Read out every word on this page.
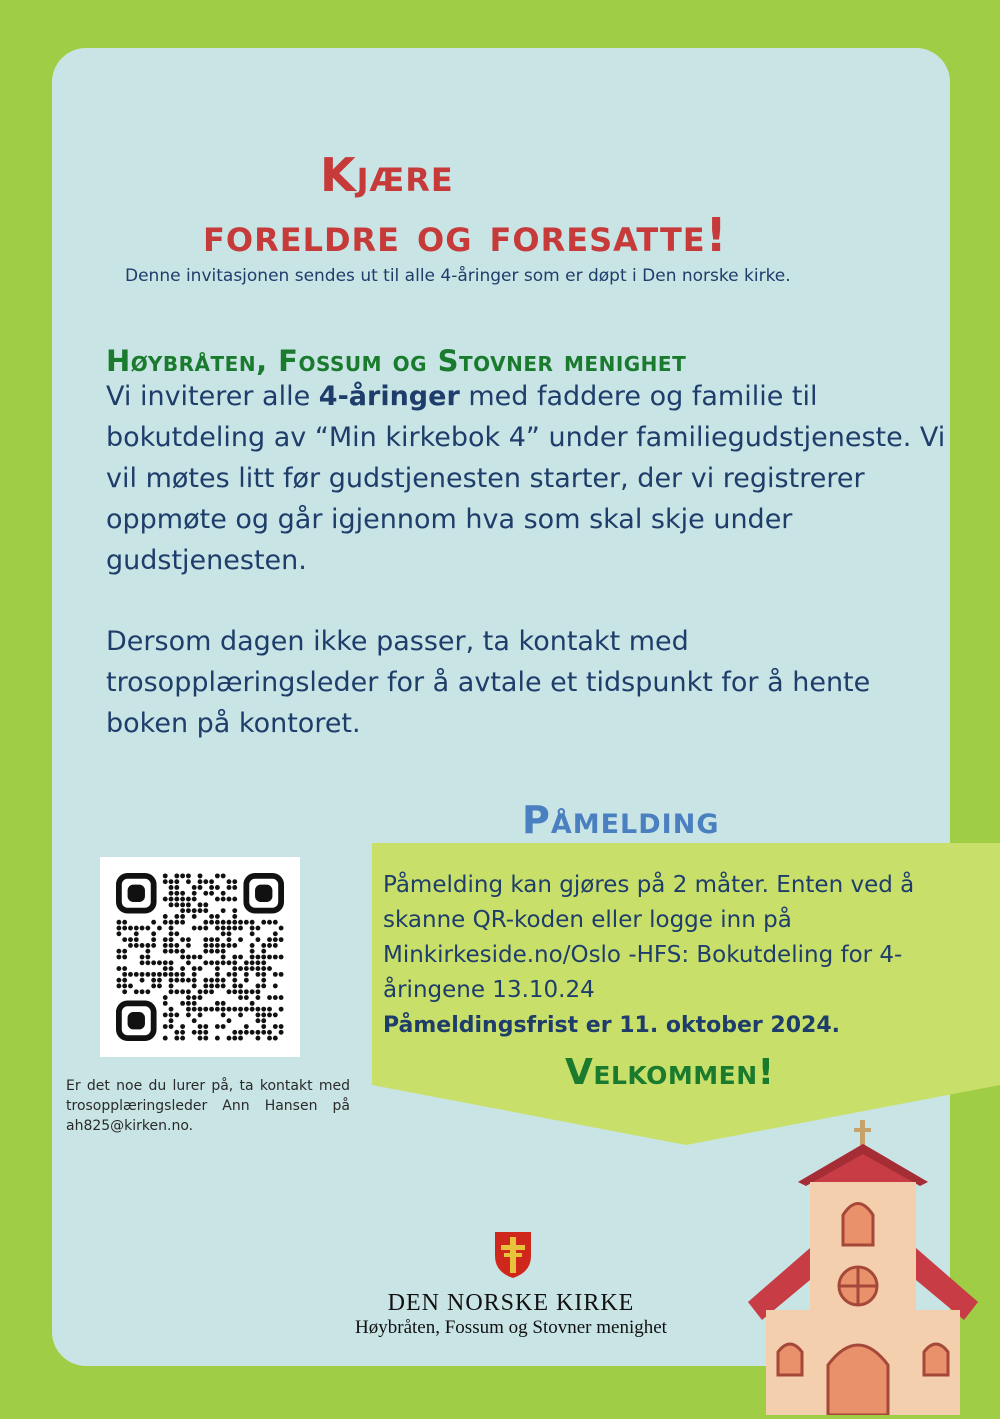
Kjære
foreldre og foresatte!
Denne invitasjonen sendes ut til alle 4-åringer som er døpt i Den norske kirke.
Høybråten, Fossum og Stovner menighet
Vi inviterer alle 4-åringer med faddere og familie til bokutdeling av “Min kirkebok 4” under familiegudstjeneste. Vi vil møtes litt før gudstjenesten starter, der vi registrerer oppmøte og går igjennom hva som skal skje under gudstjenesten.
Dersom dagen ikke passer, ta kontakt med trosopplæringsleder for å avtale et tidspunkt for å hente boken på kontoret.
Er det noe du lurer på, ta kontakt med trosopplæringsleder Ann Hansen på ah825@kirken.no.
Påmelding
Påmelding kan gjøres på 2 måter. Enten ved å skanne QR-koden eller logge inn på Minkirkeside.no/Oslo -HFS: Bokutdeling for 4-åringene 13.10.24
Påmeldingsfrist er 11. oktober 2024.
Velkommen!
DEN NORSKE KIRKE
Høybråten, Fossum og Stovner menighet
